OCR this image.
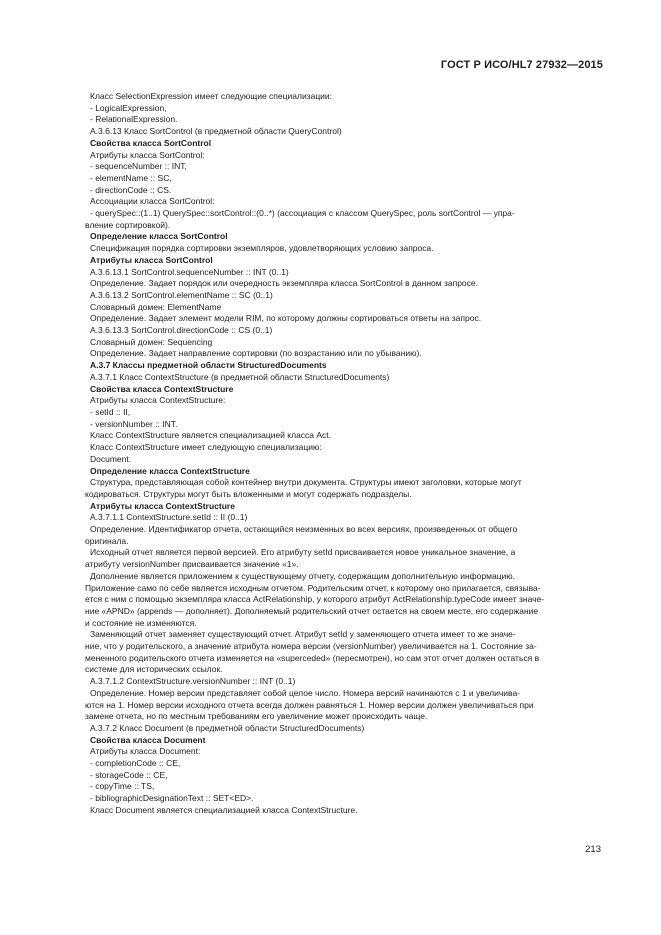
ГОСТ Р ИСО/HL7 27932—2015

Класс SelectionExpression имеет следующие специализации:

- LogicalExpression,

- RelationalExpression.

A.3.6.13 Класс SortControl (в предметной области QueryControl)

Свойства класса SortControl

Атрибуты класса SortControl:

- sequenceNumber :: INT,

- elementName :: SC,

- directionCode :: CS.

Ассоциации класса SortControl:

- querySpec::(1..1) QuerySpec::sortControl::(0..*) (ассоциация с классом QuerySpec, роль sortControl — упра-

вление сортировкой).

Определение класса SortControl

Спецификация порядка сортировки экземпляров, удовлетворяющих условию запроса.

Атрибуты класса SortControl

A.3.6.13.1 SortControl.sequenceNumber :: INT (0..1)

Определение. Задает порядок или очередность экземпляра класса SortControl в данном запросе.

A.3.6.13.2 SortControl.elementName :: SC (0..1)

Словарный домен: ElementName

Определение. Задает элемент модели RIM, по которому должны сортироваться ответы на запрос.

A.3.6.13.3 SortControl.directionCode :: CS (0..1)

Словарный домен: Sequencing

Определение. Задает направление сортировки (по возрастанию или по убыванию).

A.3.7 Классы предметной области StructuredDocuments

A.3.7.1 Класс ContextStructure (в предметной области StructuredDocuments)

Свойства класса ContextStructure

Атрибуты класса ContextStructure:

- setId :: II,

- versionNumber :: INT.

Класс ContextStructure является специализацией класса Act.

Класс ContextStructure имеет следующую специализацию:

Document.

Определение класса ContextStructure

Структура, представляющая собой контейнер внутри документа. Структуры имеют заголовки, которые могут

кодироваться. Структуры могут быть вложенными и могут содержать подразделы.

Атрибуты класса ContextStructure

A.3.7.1.1 ContextStructure.setId :: II (0..1)

Определение. Идентификатор отчета, остающийся неизменных во всех версиях, произведенных от общего

оригинала.

Исходный отчет является первой версией. Его атрибуту setId присваивается новое уникальное значение, а

атрибуту versionNumber присваивается значение «1».

Дополнение является приложением к существующему отчету, содержащим дополнительную информацию.

Приложение само по себе является исходным отчетом. Родительским отчет, к которому оно прилагается, связыва-

ется с ним с помощью экземпляра класса ActRelationship, у которого атрибут ActRelationship.typeCode имеет значе-

ние «APND» (appends — дополняет). Дополняемый родительский отчет остается на своем месте, его содержание

и состояние не изменяются.

Заменяющий отчет заменяет существующий отчет. Атрибут setId у заменяющего отчета имеет то же значе-

ние, что у родительского, а значение атрибута номера версии (versionNumber) увеличивается на 1. Состояние за-

мененного родительского отчета изменяется на «superceded» (пересмотрен), но сам этот отчет должен остаться в

системе для исторических ссылок.

A.3.7.1.2 ContextStructure.versionNumber :: INT (0..1)

Определение. Номер версии представляет собой целое число. Номера версий начинаются с 1 и увеличива-

ются на 1. Номер версии исходного отчета всегда должен равняться 1. Номер версии должен увеличиваться при

замене отчета, но по местным требованиям его увеличение может происходить чаще.

A.3.7.2 Класс Document (в предметной области StructuredDocuments)

Свойства класса Document

Атрибуты класса Document:

- completionCode :: CE,

- storageCode :: CE,

- copyTime :: TS,

- bibliographicDesignationText :: SET<ED>.

Класс Document является специализацией класса ContextStructure.

213
